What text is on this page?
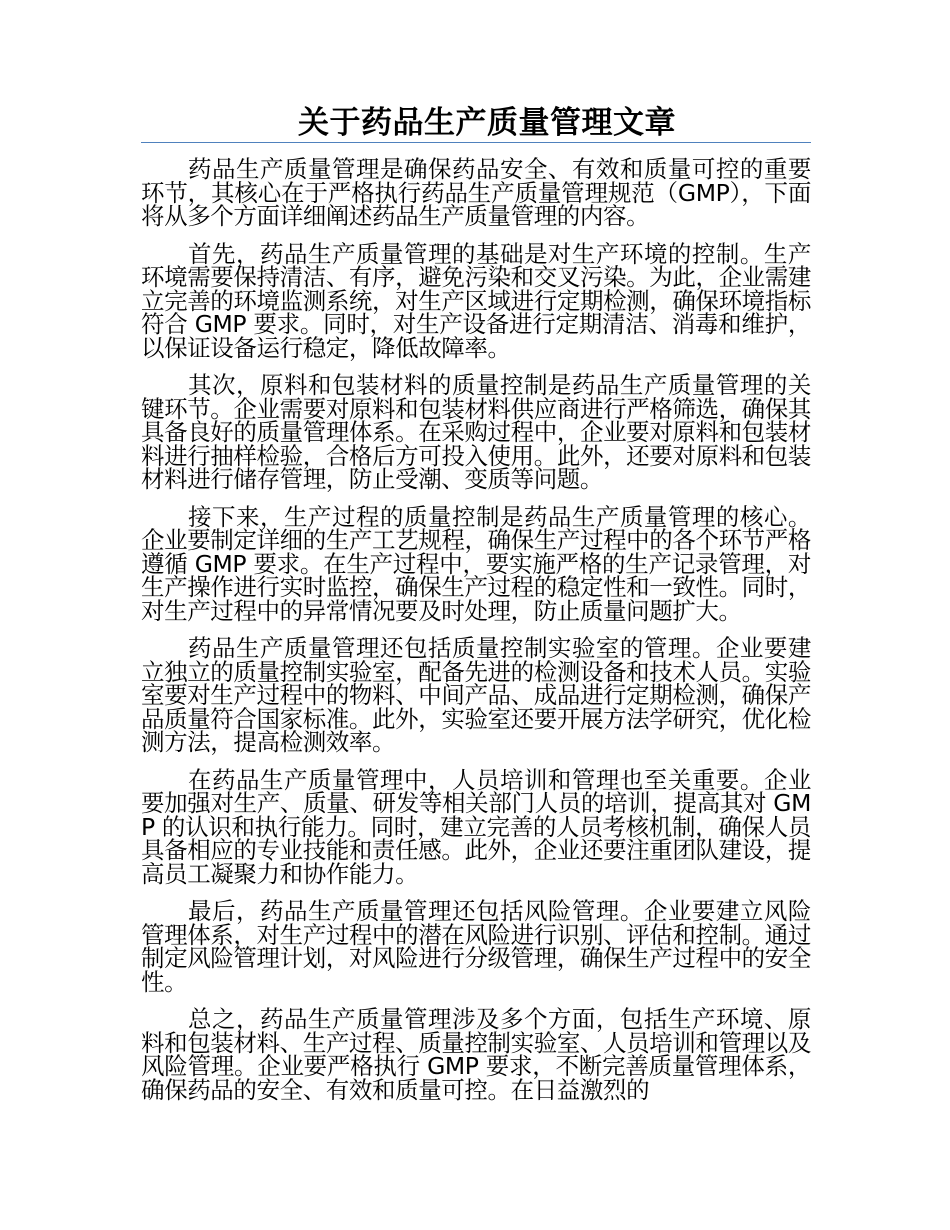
关于药品生产质量管理文章

药品生产质量管理是确保药品安全、有效和质量可控的重要环节，其核心在于严格执行药品生产质量管理规范（GMP），下面将从多个方面详细阐述药品生产质量管理的内容。

首先，药品生产质量管理的基础是对生产环境的控制。生产环境需要保持清洁、有序，避免污染和交叉污染。为此，企业需建立完善的环境监测系统，对生产区域进行定期检测，确保环境指标符合 GMP 要求。同时，对生产设备进行定期清洁、消毒和维护，以保证设备运行稳定，降低故障率。

其次，原料和包装材料的质量控制是药品生产质量管理的关键环节。企业需要对原料和包装材料供应商进行严格筛选，确保其具备良好的质量管理体系。在采购过程中，企业要对原料和包装材料进行抽样检验，合格后方可投入使用。此外，还要对原料和包装材料进行储存管理，防止受潮、变质等问题。

接下来，生产过程的质量控制是药品生产质量管理的核心。企业要制定详细的生产工艺规程，确保生产过程中的各个环节严格遵循 GMP 要求。在生产过程中，要实施严格的生产记录管理，对生产操作进行实时监控，确保生产过程的稳定性和一致性。同时，对生产过程中的异常情况要及时处理，防止质量问题扩大。

药品生产质量管理还包括质量控制实验室的管理。企业要建立独立的质量控制实验室，配备先进的检测设备和技术人员。实验室要对生产过程中的物料、中间产品、成品进行定期检测，确保产品质量符合国家标准。此外，实验室还要开展方法学研究，优化检测方法，提高检测效率。

在药品生产质量管理中，人员培训和管理也至关重要。企业要加强对生产、质量、研发等相关部门人员的培训，提高其对 GMP 的认识和执行能力。同时，建立完善的人员考核机制，确保人员具备相应的专业技能和责任感。此外，企业还要注重团队建设，提高员工凝聚力和协作能力。

最后，药品生产质量管理还包括风险管理。企业要建立风险管理体系，对生产过程中的潜在风险进行识别、评估和控制。通过制定风险管理计划，对风险进行分级管理，确保生产过程中的安全性。

总之，药品生产质量管理涉及多个方面，包括生产环境、原料和包装材料、生产过程、质量控制实验室、人员培训和管理以及风险管理。企业要严格执行 GMP 要求，不断完善质量管理体系，确保药品的安全、有效和质量可控。在日益激烈的
